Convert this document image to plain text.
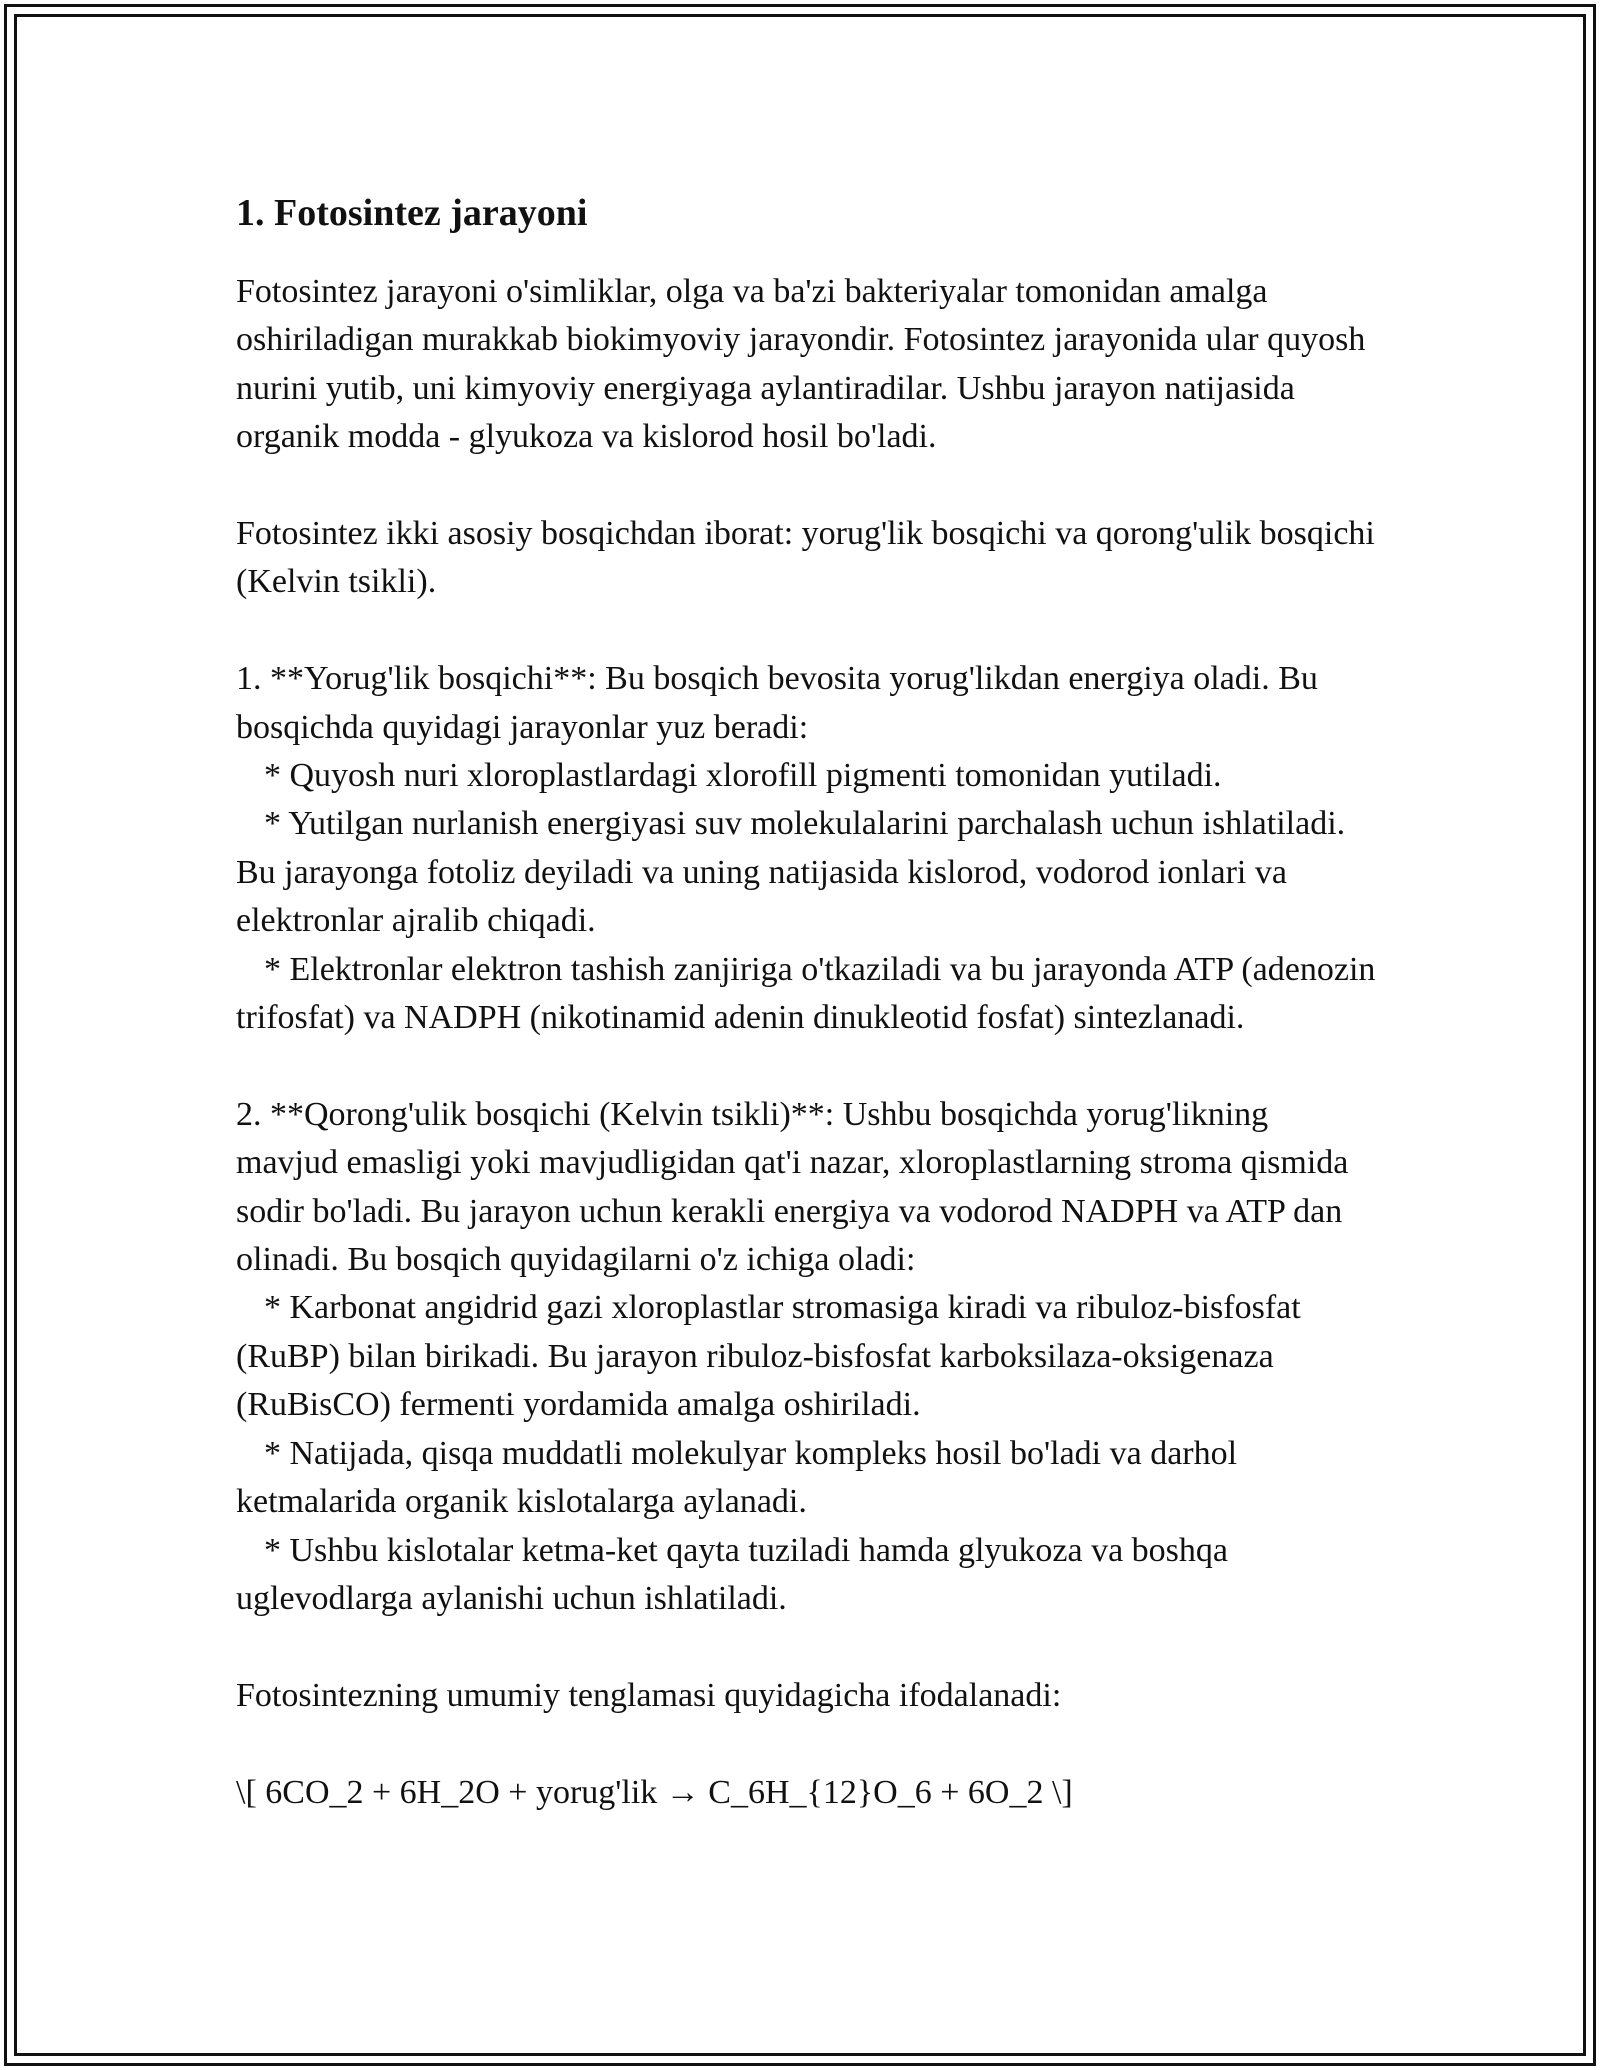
1. Fotosintez jarayoni

Fotosintez jarayoni o'simliklar, olga va ba'zi bakteriyalar tomonidan amalga oshiriladigan murakkab biokimyoviy jarayondir. Fotosintez jarayonida ular quyosh nurini yutib, uni kimyoviy energiyaga aylantiradilar. Ushbu jarayon natijasida organik modda - glyukoza va kislorod hosil bo'ladi.

Fotosintez ikki asosiy bosqichdan iborat: yorug'lik bosqichi va qorong'ulik bosqichi (Kelvin tsikli).

1. **Yorug'lik bosqichi**: Bu bosqich bevosita yorug'likdan energiya oladi. Bu bosqichda quyidagi jarayonlar yuz beradi:

* Quyosh nuri xloroplastlardagi xlorofill pigmenti tomonidan yutiladi.

* Yutilgan nurlanish energiyasi suv molekulalarini parchalash uchun ishlatiladi. Bu jarayonga fotoliz deyiladi va uning natijasida kislorod, vodorod ionlari va elektronlar ajralib chiqadi.

* Elektronlar elektron tashish zanjiriga o'tkaziladi va bu jarayonda ATP (adenozin trifosfat) va NADPH (nikotinamid adenin dinukleotid fosfat) sintezlanadi.

2. **Qorong'ulik bosqichi (Kelvin tsikli)**: Ushbu bosqichda yorug'likning mavjud emasligi yoki mavjudligidan qat'i nazar, xloroplastlarning stroma qismida sodir bo'ladi. Bu jarayon uchun kerakli energiya va vodorod NADPH va ATP dan olinadi. Bu bosqich quyidagilarni o'z ichiga oladi:

* Karbonat angidrid gazi xloroplastlar stromasiga kiradi va ribuloz-bisfosfat (RuBP) bilan birikadi. Bu jarayon ribuloz-bisfosfat karboksilaza-oksigenaza (RuBisCO) fermenti yordamida amalga oshiriladi.

* Natijada, qisqa muddatli molekulyar kompleks hosil bo'ladi va darhol ketmalarida organik kislotalarga aylanadi.

* Ushbu kislotalar ketma-ket qayta tuziladi hamda glyukoza va boshqa uglevodlarga aylanishi uchun ishlatiladi.

Fotosintezning umumiy tenglamasi quyidagicha ifodalanadi:

\[ 6CO_2 + 6H_2O + yorug'lik → C_6H_{12}O_6 + 6O_2 \]
